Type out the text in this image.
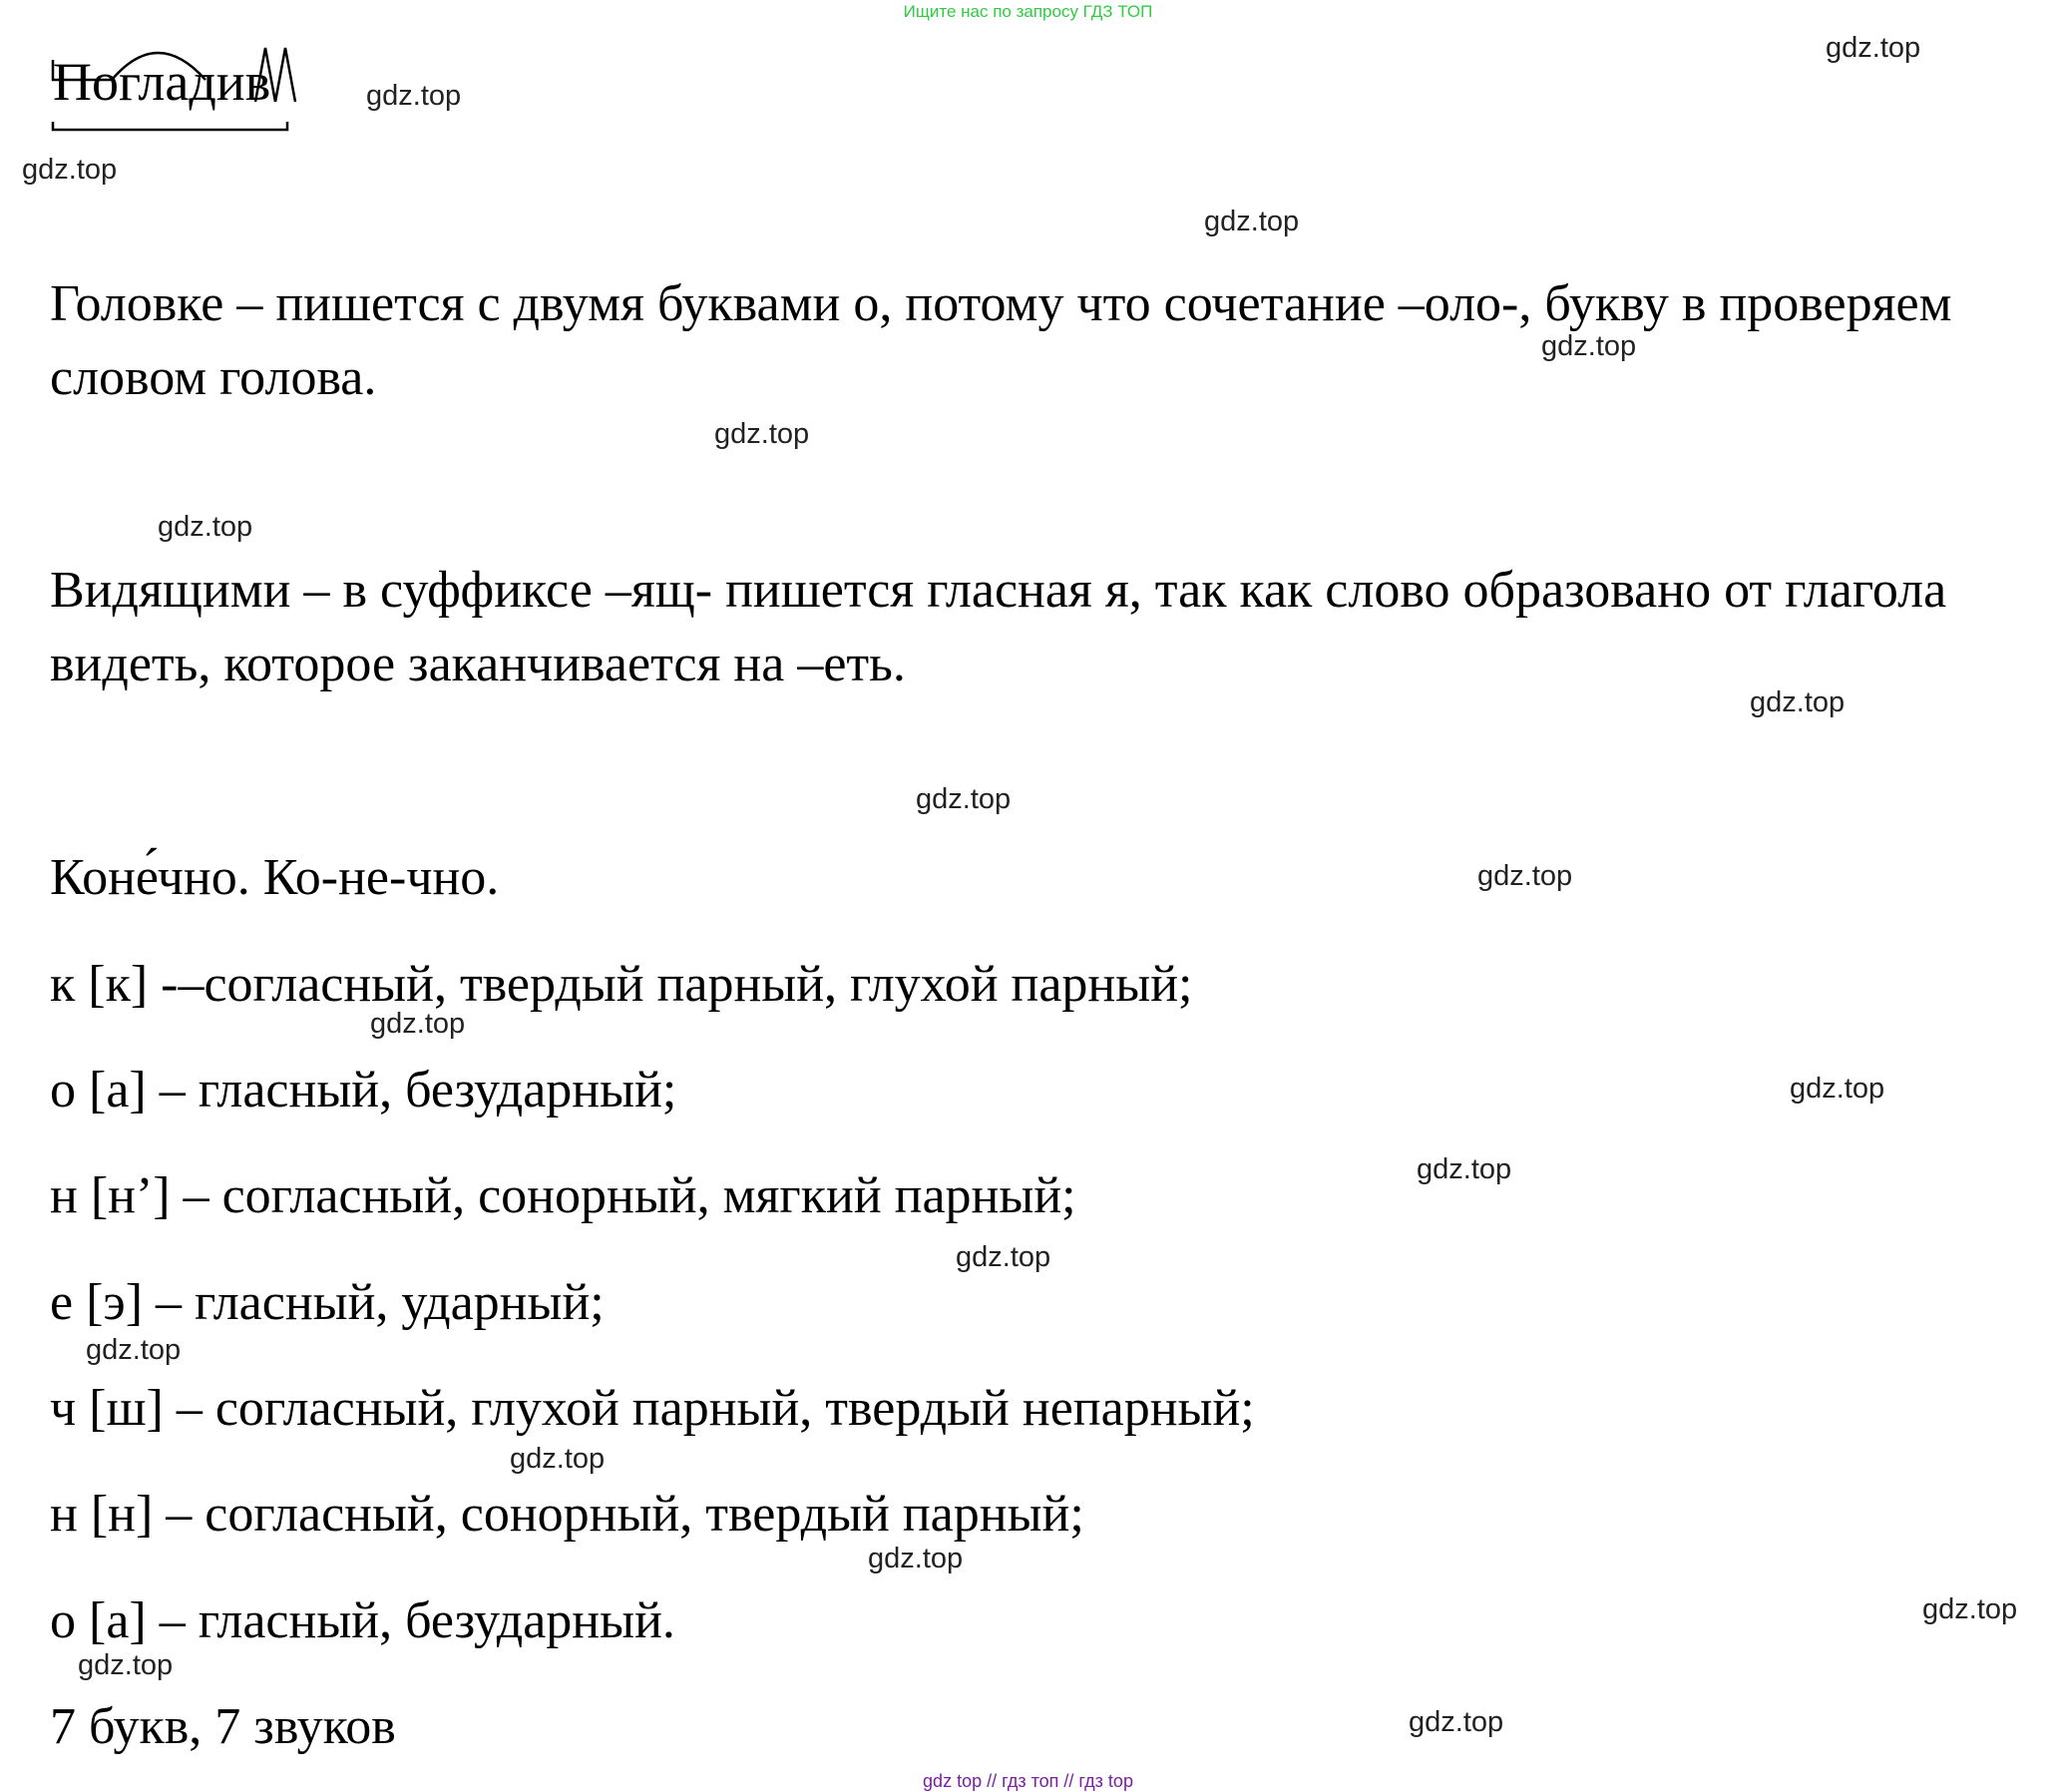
Ищите нас по запросу ГДЗ ТОП
Погладив
Головке – пишется с двумя буквами о, потому что сочетание –оло-, букву в проверяем словом голова.
Видящими – в суффиксе –ящ- пишется гласная я, так как слово образовано от глагола видеть, которое заканчивается на –еть.
Коне́чно. Ко-не-чно.
к [к] -–согласный, твердый парный, глухой парный;
о [а] – гласный, безударный;
н [н’] – согласный, сонорный, мягкий парный;
е [э] – гласный, ударный;
ч [ш] – согласный, глухой парный, твердый непарный;
н [н] – согласный, сонорный, твердый парный;
о [а] – гласный, безударный.
7 букв, 7 звуков
gdz.top
gdz.top
gdz.top
gdz.top
gdz.top
gdz.top
gdz.top
gdz.top
gdz.top
gdz.top
gdz.top
gdz.top
gdz.top
gdz.top
gdz.top
gdz.top
gdz.top
gdz.top
gdz.top
gdz.top
gdz top // гдз топ // гдз top
